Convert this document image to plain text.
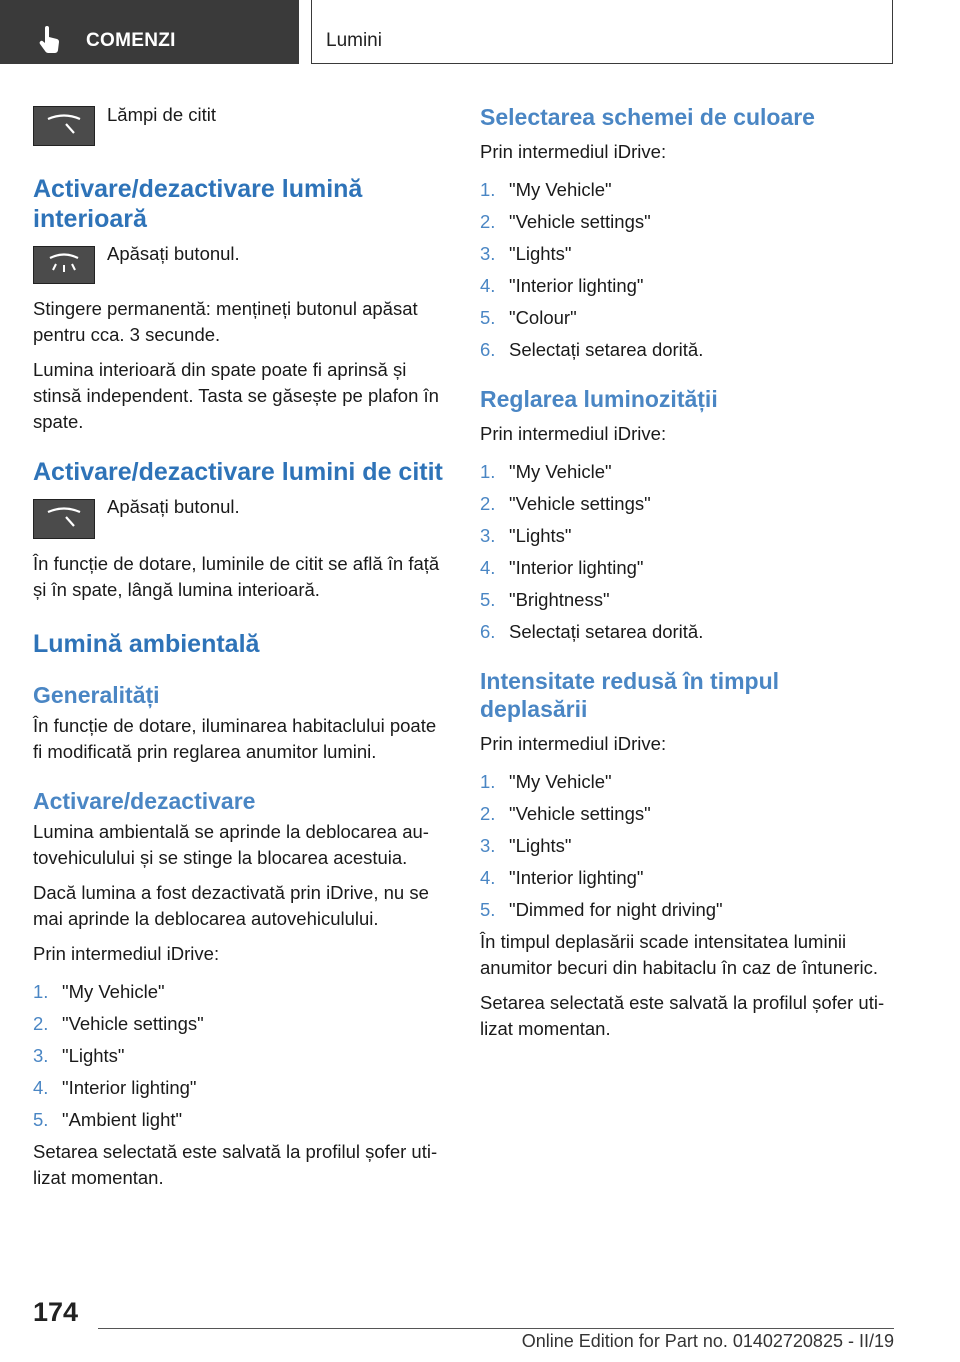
COMENZI	Lumini
Lămpi de citit
Activare/dezactivare lumină interioară
Apăsați butonul.

Stingere permanentă: mențineți butonul apăsat pentru cca. 3 secunde.

Lumina interioară din spate poate fi aprinsă și stinsă independent. Tasta se găsește pe plafon în spate.

Activare/dezactivare lumini de citit
Apăsați butonul.

În funcție de dotare, luminile de citit se află în față și în spate, lângă lumina interioară.

Lumină ambientală
Generalități

În funcție de dotare, iluminarea habitaclului poate fi modificată prin reglarea anumitor lumini.

Activare/dezactivare

Lumina ambientală se aprinde la deblocarea au-tovehiculului și se stinge la blocarea acestuia.

Dacă lumina a fost dezactivată prin iDrive, nu se mai aprinde la deblocarea autovehiculului.

Prin intermediul iDrive:

1. "My Vehicle"
2. "Vehicle settings"
3. "Lights"
4. "Interior lighting"
5. "Ambient light"

Setarea selectată este salvată la profilul șofer uti-lizat momentan.

Selectarea schemei de culoare

Prin intermediul iDrive:

1. "My Vehicle"
2. "Vehicle settings"
3. "Lights"
4. "Interior lighting"
5. "Colour"
6. Selectați setarea dorită.
Reglarea luminozității

Prin intermediul iDrive:

1. "My Vehicle"
2. "Vehicle settings"
3. "Lights"
4. "Interior lighting"
5. "Brightness"
6. Selectați setarea dorită.
Intensitate redusă în timpul deplasării

Prin intermediul iDrive:

1. "My Vehicle"
2. "Vehicle settings"
3. "Lights"
4. "Interior lighting"
5. "Dimmed for night driving"

În timpul deplasării scade intensitatea luminii anumitor becuri din habitaclu în caz de întuneric.

Setarea selectată este salvată la profilul șofer uti-lizat momentan.

174
Online Edition for Part no. 01402720825 - II/19
